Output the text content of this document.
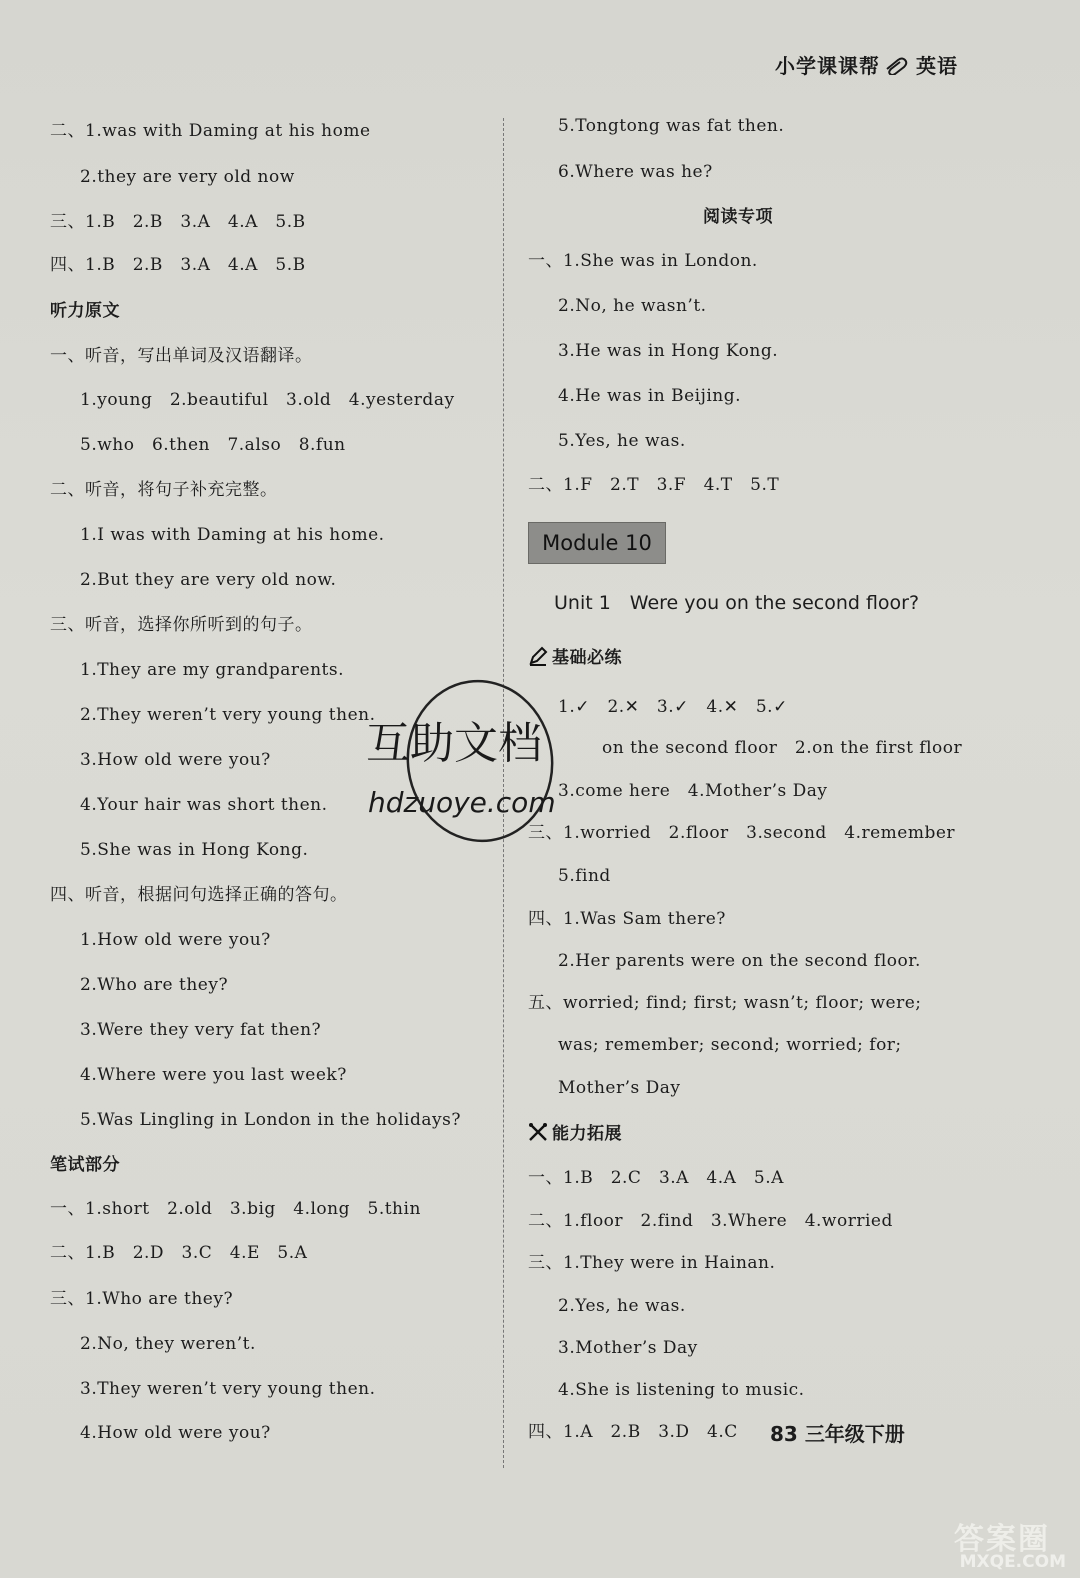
小学课课帮 英语
二、1.was with Daming at his home
2.they are very old now
三、1.B　2.B　3.A　4.A　5.B
四、1.B　2.B　3.A　4.A　5.B
听力原文
一、听音，写出单词及汉语翻译。
1.young　2.beautiful　3.old　4.yesterday
5.who　6.then　7.also　8.fun
二、听音，将句子补充完整。
1.I was with Daming at his home.
2.But they are very old now.
三、听音，选择你所听到的句子。
1.They are my grandparents.
2.They weren’t very young then.
3.How old were you?
4.Your hair was short then.
5.She was in Hong Kong.
四、听音，根据问句选择正确的答句。
1.How old were you?
2.Who are they?
3.Were they very fat then?
4.Where were you last week?
5.Was Lingling in London in the holidays?
笔试部分
一、1.short　2.old　3.big　4.long　5.thin
二、1.B　2.D　3.C　4.E　5.A
三、1.Who are they?
2.No, they weren’t.
3.They weren’t very young then.
4.How old were you?
5.Tongtong was fat then.
6.Where was he?
阅读专项
一、1.She was in London.
2.No, he wasn’t.
3.He was in Hong Kong.
4.He was in Beijing.
5.Yes, he was.
二、1.F　2.T　3.F　4.T　5.T
1.✓　2.✕　3.✓　4.✕　5.✓
on the second floor　2.on the first floor
3.come here　4.Mother’s Day
三、1.worried　2.floor　3.second　4.remember
5.find
四、1.Was Sam there?
2.Her parents were on the second floor.
五、worried; find; first; wasn’t; floor; were;
was; remember; second; worried; for;
Mother’s Day
一、1.B　2.C　3.A　4.A　5.A
二、1.floor　2.find　3.Where　4.worried
三、1.They were in Hainan.
2.Yes, he was.
3.Mother’s Day
4.She is listening to music.
四、1.A　2.B　3.D　4.C
Module 10
Unit 1　Were you on the second floor?
基础必练
能力拓展
互助文档
hdzuoye.com
83 三年级下册
答案圈
MXQE.COM
